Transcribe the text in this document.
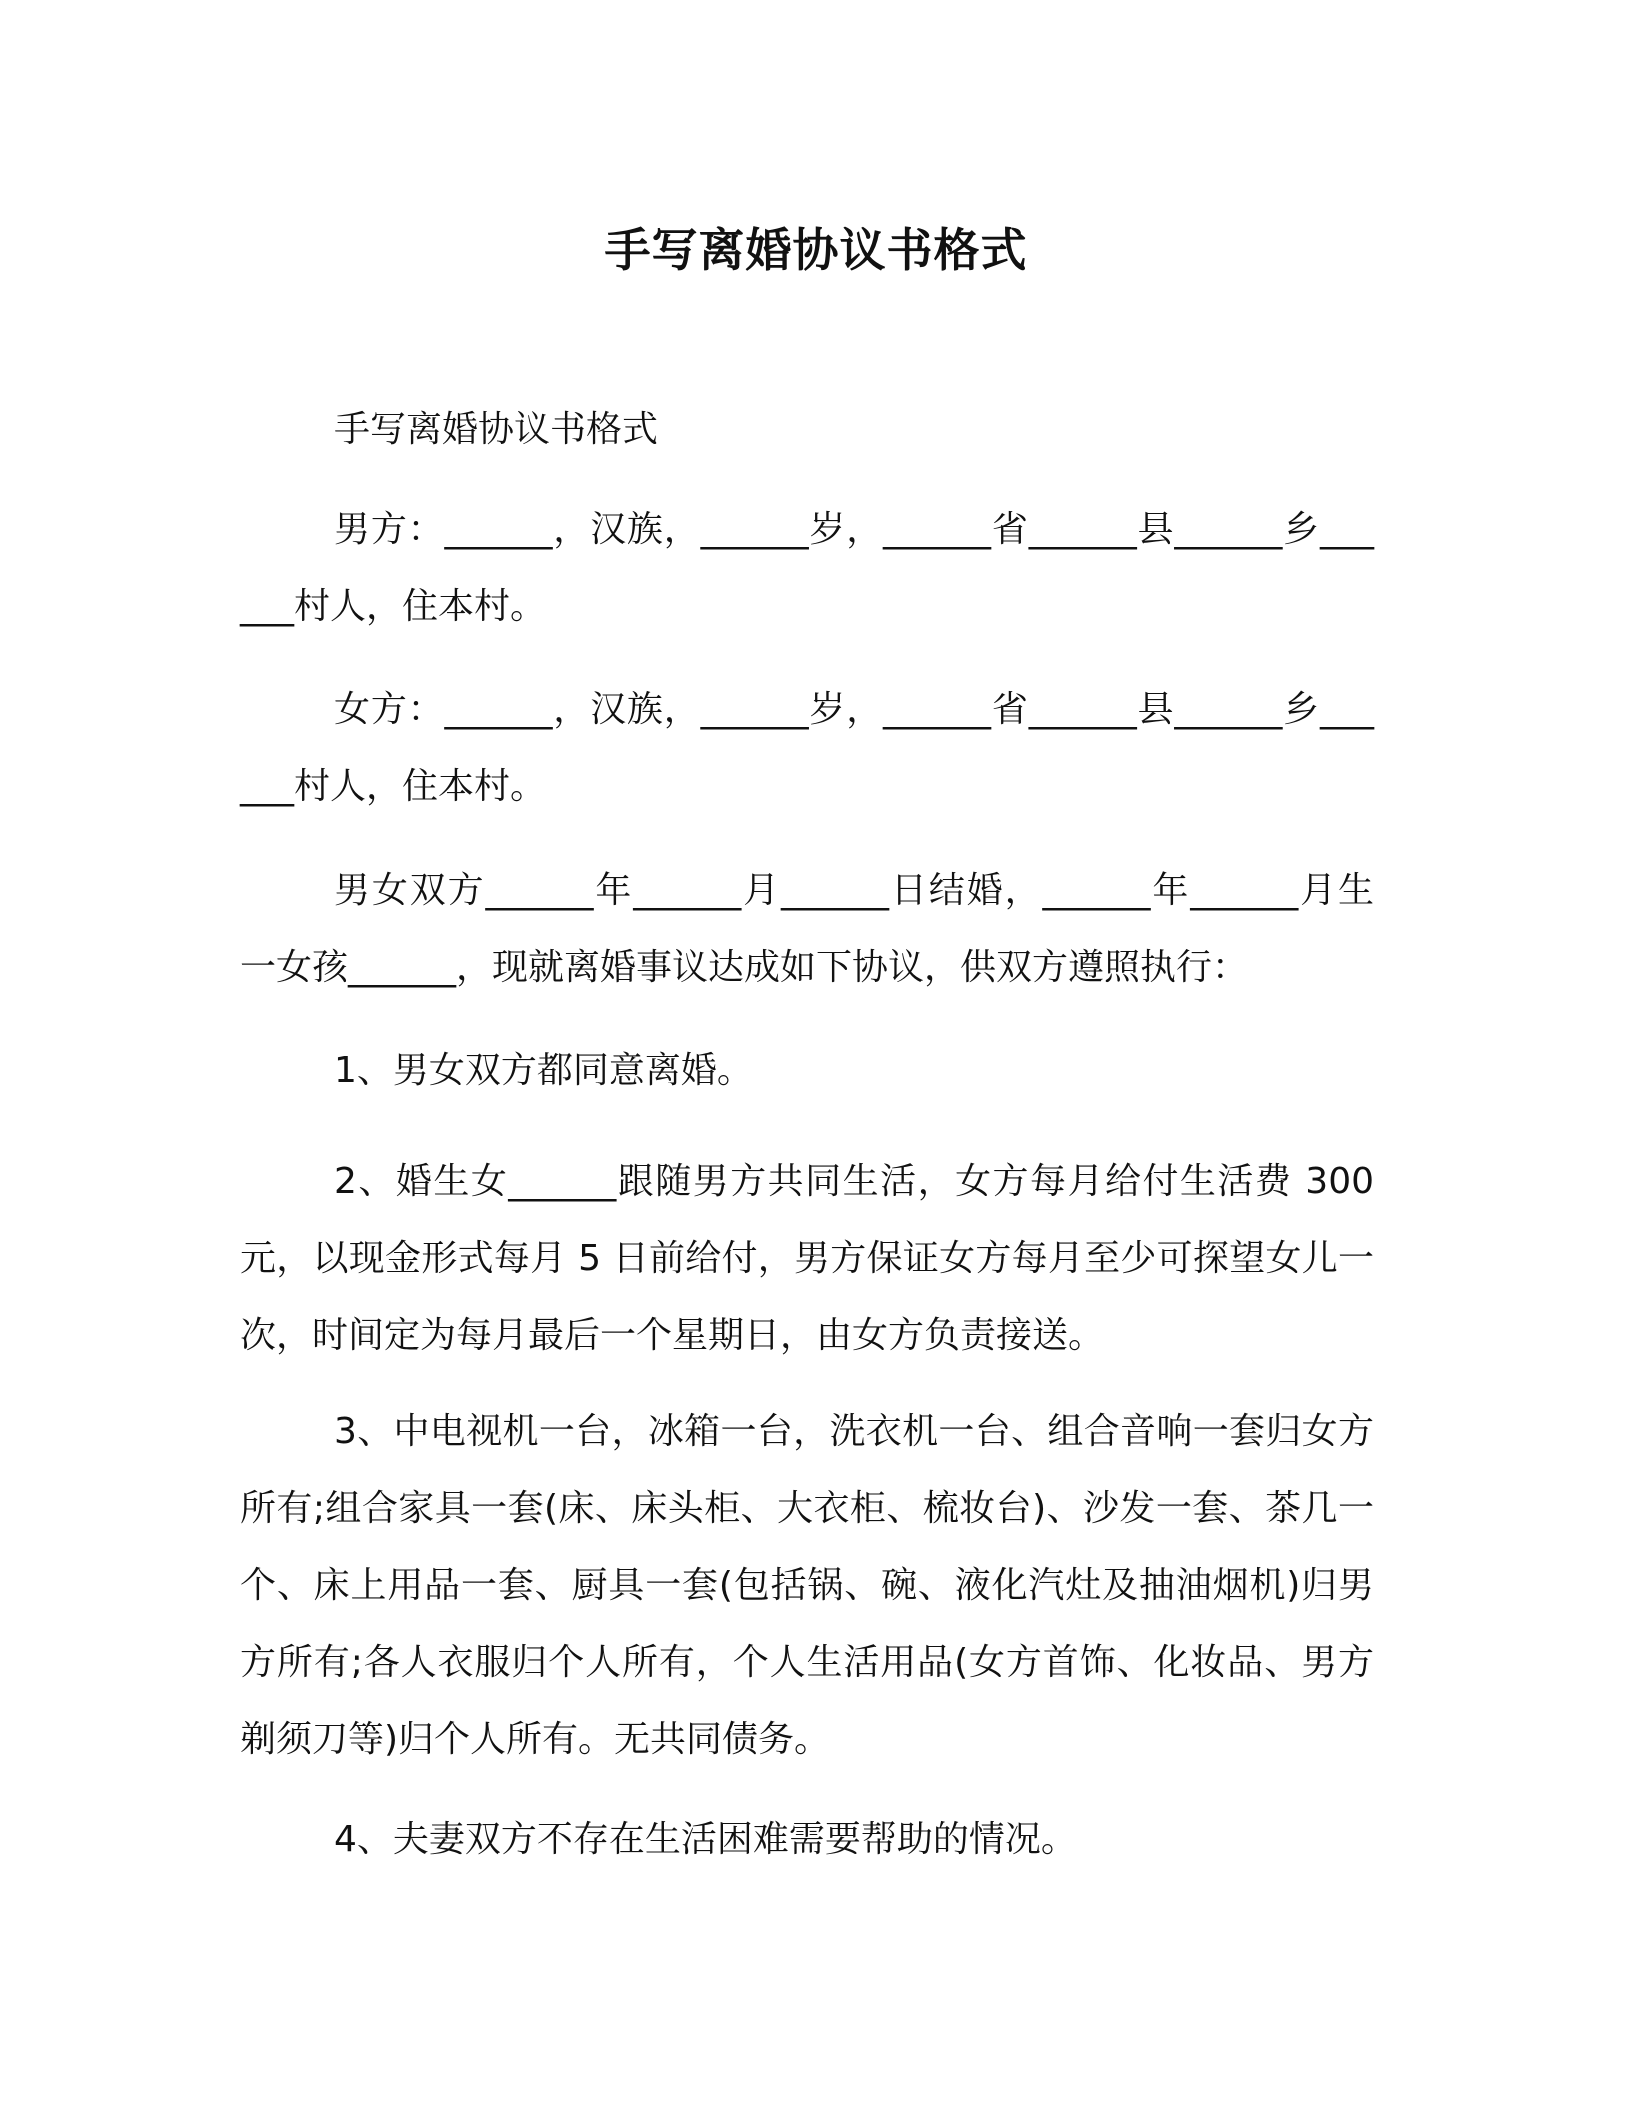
手写离婚协议书格式

手写离婚协议书格式

男方：______，汉族，______岁，______省______县______乡______村人，住本村。

女方：______，汉族，______岁，______省______县______乡______村人，住本村。

男女双方______年______月______日结婚，______年______月生一女孩______，现就离婚事议达成如下协议，供双方遵照执行：

1、男女双方都同意离婚。

2、婚生女______跟随男方共同生活，女方每月给付生活费 300 元，以现金形式每月 5 日前给付，男方保证女方每月至少可探望女儿一次，时间定为每月最后一个星期日，由女方负责接送。

3、中电视机一台，冰箱一台，洗衣机一台、组合音响一套归女方所有;组合家具一套(床、床头柜、大衣柜、梳妆台)、沙发一套、茶几一个、床上用品一套、厨具一套(包括锅、碗、液化汽灶及抽油烟机)归男方所有;各人衣服归个人所有，个人生活用品(女方首饰、化妆品、男方剃须刀等)归个人所有。无共同债务。

4、夫妻双方不存在生活困难需要帮助的情况。
